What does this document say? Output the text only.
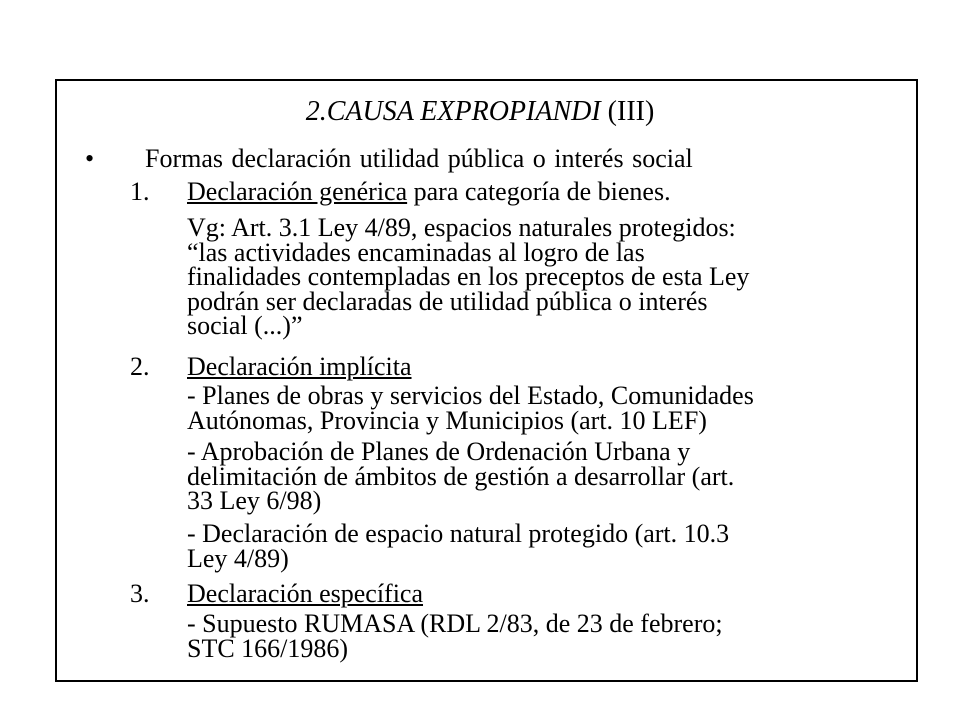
2.CAUSA EXPROPIANDI (III)
• Formas declaración utilidad pública o interés social
1. Declaración genérica para categoría de bienes.
Vg: Art. 3.1 Ley 4/89, espacios naturales protegidos:
“las actividades encaminadas al logro de las
finalidades contempladas en los preceptos de esta Ley
podrán ser declaradas de utilidad pública o interés
social (...)”
2. Declaración implícita
- Planes de obras y servicios del Estado, Comunidades
Autónomas, Provincia y Municipios (art. 10 LEF)
- Aprobación de Planes de Ordenación Urbana y
delimitación de ámbitos de gestión a desarrollar (art.
33 Ley 6/98)
- Declaración de espacio natural protegido (art. 10.3
Ley 4/89)
3. Declaración específica
- Supuesto RUMASA (RDL 2/83, de 23 de febrero;
STC 166/1986)
